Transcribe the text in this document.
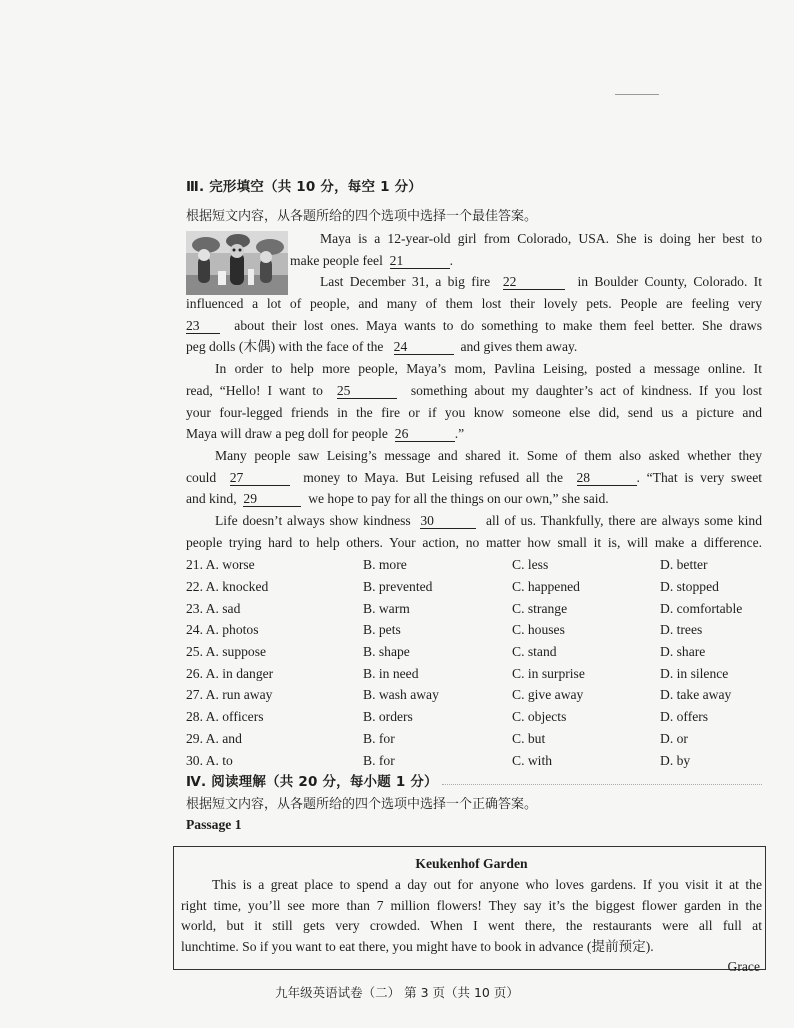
Ⅲ. 完形填空（共 10 分，每空 1 分）
根据短文内容，从各题所给的四个选项中选择一个最佳答案。
Maya is a 12-year-old girl from Colorado, USA. She is doing her best to
make people feel 21	.
Last December 31, a big fire 22	in Boulder County, Colorado. It
influenced a lot of people, and many of them lost their lovely pets. People are feeling very
23	about their lost ones. Maya wants to do something to make them feel better. She draws
peg dolls (木偶) with the face of the 24	and gives them away.
In order to help more people, Maya’s mom, Pavlina Leising, posted a message online. It
read, “Hello! I want to 25	something about my daughter’s act of kindness. If you lost
your four-legged friends in the fire or if you know someone else did, send us a picture and
Maya will draw a peg doll for people 26	.”
Many people saw Leising’s message and shared it. Some of them also asked whether they
could 27	money to Maya. But Leising refused all the 28	. “That is very sweet
and kind, 29	we hope to pay for all the things on our own,” she said.
Life doesn’t always show kindness 30	all of us. Thankfully, there are always some kind
people trying hard to help others. Your action, no matter how small it is, will make a difference.
21. A. worse	B. more	C. less	D. better
22. A. knocked	B. prevented	C. happened	D. stopped
23. A. sad	B. warm	C. strange	D. comfortable
24. A. photos	B. pets	C. houses	D. trees
25. A. suppose	B. shape	C. stand	D. share
26. A. in danger	B. in need	C. in surprise	D. in silence
27. A. run away	B. wash away	C. give away	D. take away
28. A. officers	B. orders	C. objects	D. offers
29. A. and	B. for	C. but	D. or
30. A. to	B. for	C. with	D. by
Ⅳ. 阅读理解（共 20 分，每小题 1 分）
根据短文内容，从各题所给的四个选项中选择一个正确答案。
Passage 1
Keukenhof Garden
This is a great place to spend a day out for anyone who loves gardens. If you visit it at the
right time, you’ll see more than 7 million flowers! They say it’s the biggest flower garden in the
world, but it still gets very crowded. When I went there, the restaurants were all full at
lunchtime. So if you want to eat there, you might have to book in advance (提前预定).
Grace
九年级英语试卷（二） 第 3 页（共 10 页）
